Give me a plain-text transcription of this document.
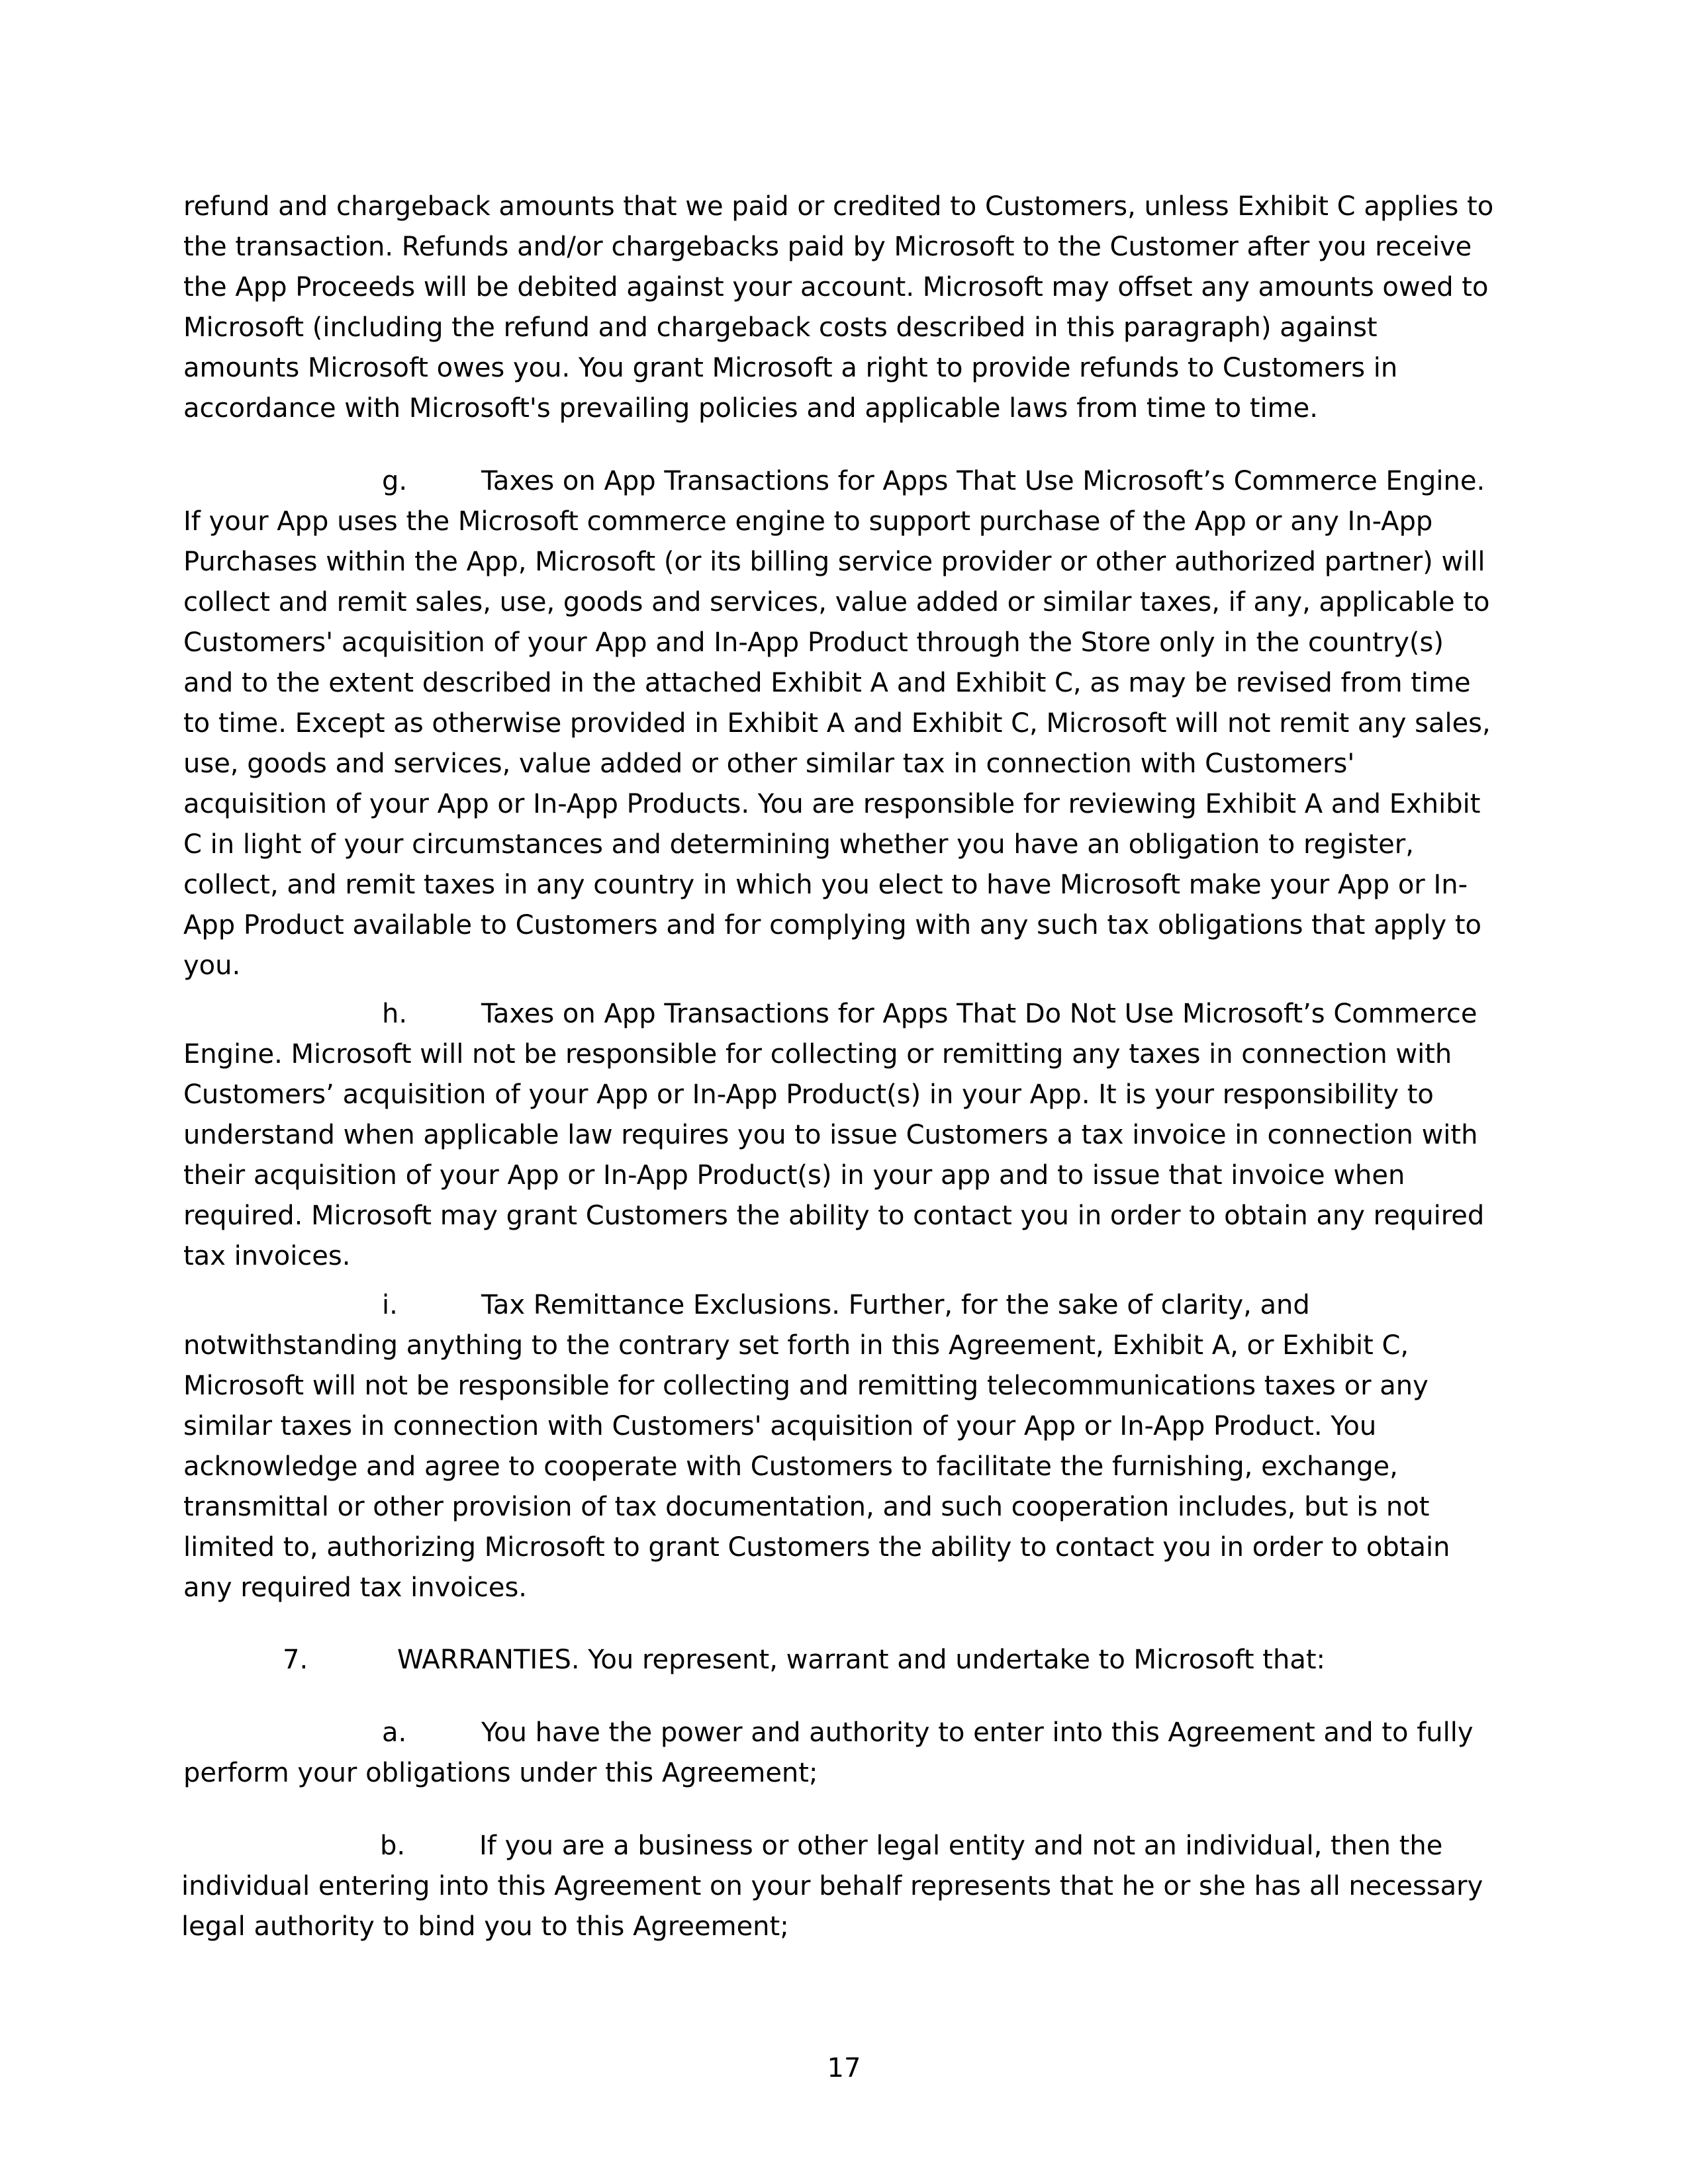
refund and chargeback amounts that we paid or credited to Customers, unless Exhibit C applies to the transaction. Refunds and/or chargebacks paid by Microsoft to the Customer after you receive the App Proceeds will be debited against your account. Microsoft may offset any amounts owed to Microsoft (including the refund and chargeback costs described in this paragraph) against amounts Microsoft owes you. You grant Microsoft a right to provide refunds to Customers in accordance with Microsoft's prevailing policies and applicable laws from time to time.

g.	Taxes on App Transactions for Apps That Use Microsoft’s Commerce Engine. If your App uses the Microsoft commerce engine to support purchase of the App or any In-App Purchases within the App, Microsoft (or its billing service provider or other authorized partner) will collect and remit sales, use, goods and services, value added or similar taxes, if any, applicable to Customers' acquisition of your App and In-App Product through the Store only in the country(s) and to the extent described in the attached Exhibit A and Exhibit C, as may be revised from time to time. Except as otherwise provided in Exhibit A and Exhibit C, Microsoft will not remit any sales, use, goods and services, value added or other similar tax in connection with Customers' acquisition of your App or In-App Products. You are responsible for reviewing Exhibit A and Exhibit C in light of your circumstances and determining whether you have an obligation to register, collect, and remit taxes in any country in which you elect to have Microsoft make your App or In-App Product available to Customers and for complying with any such tax obligations that apply to you.

h.	Taxes on App Transactions for Apps That Do Not Use Microsoft’s Commerce Engine. Microsoft will not be responsible for collecting or remitting any taxes in connection with Customers’ acquisition of your App or In-App Product(s) in your App. It is your responsibility to understand when applicable law requires you to issue Customers a tax invoice in connection with their acquisition of your App or In-App Product(s) in your app and to issue that invoice when required. Microsoft may grant Customers the ability to contact you in order to obtain any required tax invoices.

i.	Tax Remittance Exclusions. Further, for the sake of clarity, and notwithstanding anything to the contrary set forth in this Agreement, Exhibit A, or Exhibit C, Microsoft will not be responsible for collecting and remitting telecommunications taxes or any similar taxes in connection with Customers' acquisition of your App or In-App Product. You acknowledge and agree to cooperate with Customers to facilitate the furnishing, exchange, transmittal or other provision of tax documentation, and such cooperation includes, but is not limited to, authorizing Microsoft to grant Customers the ability to contact you in order to obtain any required tax invoices.

7.	WARRANTIES. You represent, warrant and undertake to Microsoft that:

a.	You have the power and authority to enter into this Agreement and to fully perform your obligations under this Agreement;

b.	If you are a business or other legal entity and not an individual, then the individual entering into this Agreement on your behalf represents that he or she has all necessary legal authority to bind you to this Agreement;

17
